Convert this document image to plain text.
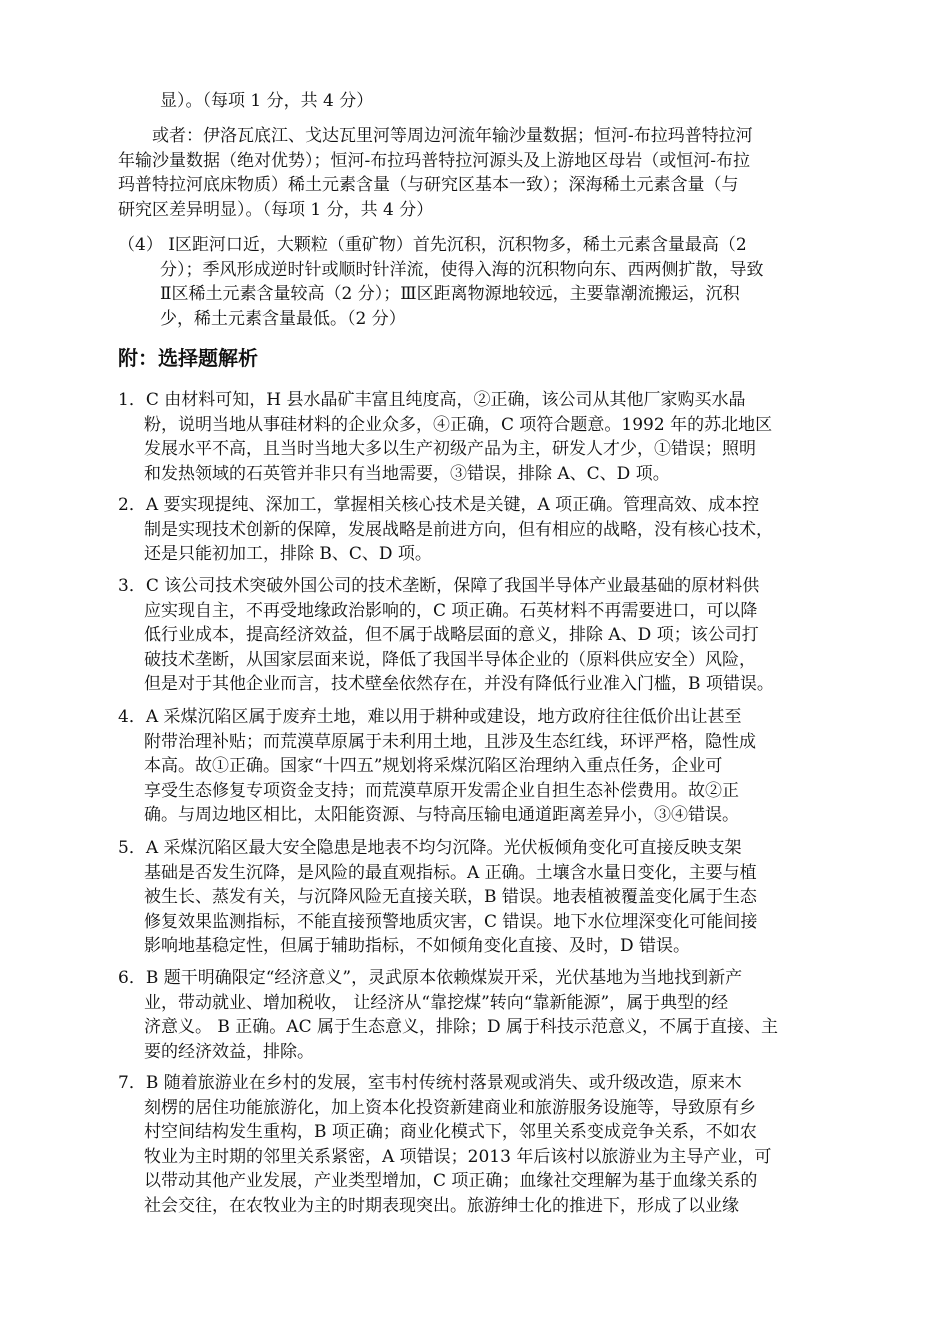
显）。（每项 1 分，共 4 分）
或者：伊洛瓦底江、戈达瓦里河等周边河流年输沙量数据；恒河-布拉玛普特拉河
年输沙量数据（绝对优势）；恒河-布拉玛普特拉河源头及上游地区母岩（或恒河-布拉
玛普特拉河底床物质）稀土元素含量（与研究区基本一致）；深海稀土元素含量（与
研究区差异明显）。（每项 1 分，共 4 分）
（4） Ⅰ区距河口近，大颗粒（重矿物）首先沉积，沉积物多，稀土元素含量最高（2
分）；季风形成逆时针或顺时针洋流，使得入海的沉积物向东、西两侧扩散，导致
Ⅱ区稀土元素含量较高（2 分）；Ⅲ区距离物源地较远，主要靠潮流搬运，沉积
少，稀土元素含量最低。（2 分）
附：选择题解析
1．C 由材料可知，H 县水晶矿丰富且纯度高，②正确，该公司从其他厂家购买水晶
粉，说明当地从事硅材料的企业众多，④正确，C 项符合题意。1992 年的苏北地区
发展水平不高，且当时当地大多以生产初级产品为主，研发人才少，①错误；照明
和发热领域的石英管并非只有当地需要，③错误，排除 A、C、D 项。
2．A 要实现提纯、深加工，掌握相关核心技术是关键，A 项正确。管理高效、成本控
制是实现技术创新的保障，发展战略是前进方向，但有相应的战略，没有核心技术，
还是只能初加工，排除 B、C、D 项。
3．C 该公司技术突破外国公司的技术垄断，保障了我国半导体产业最基础的原材料供
应实现自主，不再受地缘政治影响的，C 项正确。石英材料不再需要进口，可以降
低行业成本，提高经济效益，但不属于战略层面的意义，排除 A、D 项；该公司打
破技术垄断，从国家层面来说，降低了我国半导体企业的（原料供应安全）风险，
但是对于其他企业而言，技术壁垒依然存在，并没有降低行业准入门槛，B 项错误。
4．A 采煤沉陷区属于废弃土地，难以用于耕种或建设，地方政府往往低价出让甚至
附带治理补贴；而荒漠草原属于未利用土地，且涉及生态红线，环评严格，隐性成
本高。故①正确。国家“十四五”规划将采煤沉陷区治理纳入重点任务，企业可
享受生态修复专项资金支持；而荒漠草原开发需企业自担生态补偿费用。故②正
确。与周边地区相比，太阳能资源、与特高压输电通道距离差异小，③④错误。
5．A 采煤沉陷区最大安全隐患是地表不均匀沉降。光伏板倾角变化可直接反映支架
基础是否发生沉降，是风险的最直观指标。A 正确。土壤含水量日变化，主要与植
被生长、蒸发有关，与沉降风险无直接关联，B 错误。地表植被覆盖变化属于生态
修复效果监测指标，不能直接预警地质灾害，C 错误。地下水位埋深变化可能间接
影响地基稳定性，但属于辅助指标，不如倾角变化直接、及时，D 错误。
6．B 题干明确限定“经济意义”，灵武原本依赖煤炭开采，光伏基地为当地找到新产
业，带动就业、增加税收， 让经济从“靠挖煤”转向“靠新能源”，属于典型的经
济意义。 B 正确。AC 属于生态意义，排除；D 属于科技示范意义，不属于直接、主
要的经济效益，排除。
7．B 随着旅游业在乡村的发展，室韦村传统村落景观或消失、或升级改造，原来木
刻楞的居住功能旅游化，加上资本化投资新建商业和旅游服务设施等，导致原有乡
村空间结构发生重构，B 项正确；商业化模式下，邻里关系变成竞争关系，不如农
牧业为主时期的邻里关系紧密，A 项错误；2013 年后该村以旅游业为主导产业，可
以带动其他产业发展，产业类型增加，C 项正确；血缘社交理解为基于血缘关系的
社会交往，在农牧业为主的时期表现突出。旅游绅士化的推进下，形成了以业缘
